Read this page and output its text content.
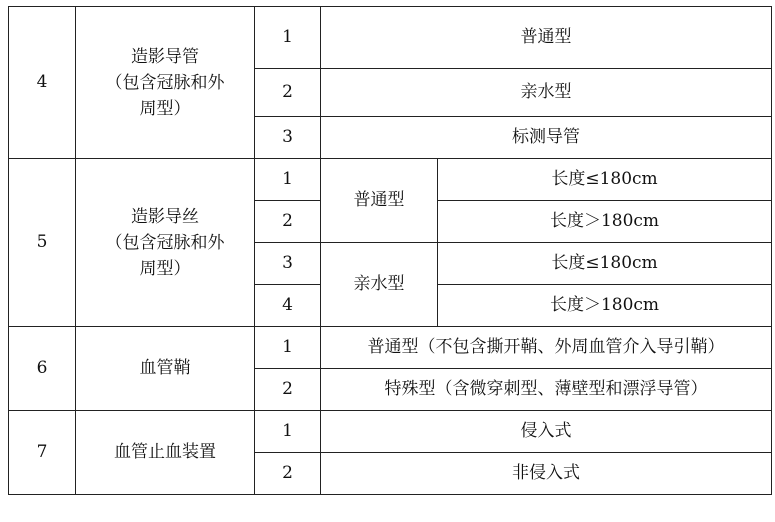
4	造影导管
（包含冠脉和外
周型）	1	普通型	
		2	亲水型	
		3	标测导管	
5	造影导丝
（包含冠脉和外
周型）	1	普通型	长度≤180cm
		2		长度＞180cm
		3	亲水型	长度≤180cm
		4		长度＞180cm
6	血管鞘	1	普通型（不包含撕开鞘、外周血管介入导引鞘）	
		2	特殊型（含微穿刺型、薄壁型和漂浮导管）	
7	血管止血装置	1	侵入式	
		2	非侵入式	
